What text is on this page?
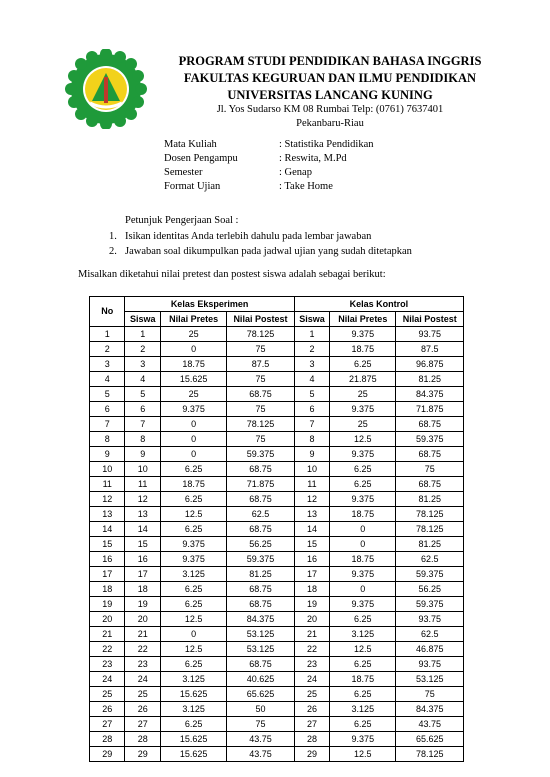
PROGRAM STUDI PENDIDIKAN BAHASA INGGRIS
FAKULTAS KEGURUAN DAN ILMU PENDIDIKAN
UNIVERSITAS LANCANG KUNING
Jl. Yos Sudarso KM 08 Rumbai Telp: (0761) 7637401
Pekanbaru-Riau
Mata Kuliah	: Statistika Pendidikan
Dosen Pengampu	: Reswita, M.Pd
Semester	: Genap
Format Ujian	: Take Home
Petunjuk Pengerjaan Soal :
1. Isikan identitas Anda terlebih dahulu pada lembar jawaban
2. Jawaban soal dikumpulkan pada jadwal ujian yang sudah ditetapkan
Misalkan diketahui nilai pretest dan postest siswa adalah sebagai berikut:
No	Kelas Eksperimen			Kelas Kontrol		
	Siswa	Nilai Pretes	Nilai Postest	Siswa	Nilai Pretes	Nilai Postest
1	1	25	78.125	1	9.375	93.75
2	2	0	75	2	18.75	87.5
3	3	18.75	87.5	3	6.25	96.875
4	4	15.625	75	4	21.875	81.25
5	5	25	68.75	5	25	84.375
6	6	9.375	75	6	9.375	71.875
7	7	0	78.125	7	25	68.75
8	8	0	75	8	12.5	59.375
9	9	0	59.375	9	9.375	68.75
10	10	6.25	68.75	10	6.25	75
11	11	18.75	71.875	11	6.25	68.75
12	12	6.25	68.75	12	9.375	81.25
13	13	12.5	62.5	13	18.75	78.125
14	14	6.25	68.75	14	0	78.125
15	15	9.375	56.25	15	0	81.25
16	16	9.375	59.375	16	18.75	62.5
17	17	3.125	81.25	17	9.375	59.375
18	18	6.25	68.75	18	0	56.25
19	19	6.25	68.75	19	9.375	59.375
20	20	12.5	84.375	20	6.25	93.75
21	21	0	53.125	21	3.125	62.5
22	22	12.5	53.125	22	12.5	46.875
23	23	6.25	68.75	23	6.25	93.75
24	24	3.125	40.625	24	18.75	53.125
25	25	15.625	65.625	25	6.25	75
26	26	3.125	50	26	3.125	84.375
27	27	6.25	75	27	6.25	43.75
28	28	15.625	43.75	28	9.375	65.625
29	29	15.625	43.75	29	12.5	78.125
